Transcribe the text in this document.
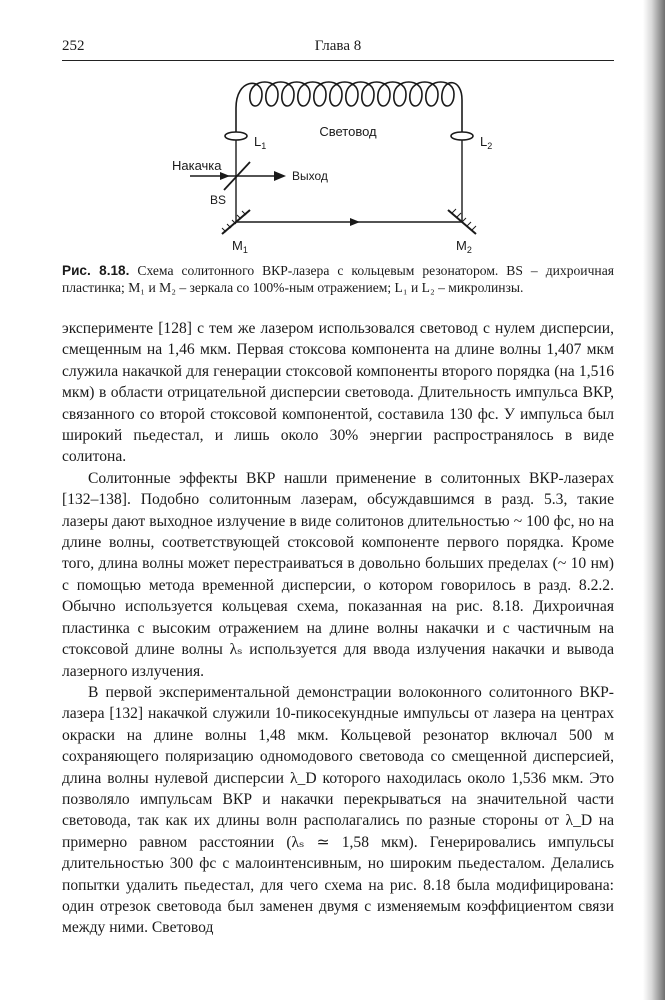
252	Глава 8
Световод
$L_1$	$L_2$
Накачка
Выход
BS
$M_1$	$M_2$
Рис. 8.18. Схема солитонного ВКР-лазера с кольцевым резонатором. BS – дихроичная пластинка; M₁ и M₂ – зеркала со 100%-ным отражением; L₁ и L₂ – микролинзы.

эксперименте [128] с тем же лазером использовался световод с нулем дисперсии, смещенным на 1,46 мкм. Первая стоксова компонента на длине волны 1,407 мкм служила накачкой для генерации стоксовой компоненты второго порядка (на 1,516 мкм) в области отрицательной дисперсии световода. Длительность импульса ВКР, связанного со второй стоксовой компонентой, составила 130 фс. У импульса был широкий пьедестал, и лишь около 30% энергии распространялось в виде солитона.

Солитонные эффекты ВКР нашли применение в солитонных ВКР-лазерах [132–138]. Подобно солитонным лазерам, обсуждавшимся в разд. 5.3, такие лазеры дают выходное излучение в виде солитонов длительностью ~ 100 фс, но на длине волны, соответствующей стоксовой компоненте первого порядка. Кроме того, длина волны может перестраиваться в довольно больших пределах (~ 10 нм) с помощью метода временной дисперсии, о котором говорилось в разд. 8.2.2. Обычно используется кольцевая схема, показанная на рис. 8.18. Дихроичная пластинка с высоким отражением на длине волны накачки и с частичным на стоксовой длине волны λₛ используется для ввода излучения накачки и вывода лазерного излучения.

В первой экспериментальной демонстрации волоконного солитонного ВКР-лазера [132] накачкой служили 10-пикосекундные импульсы от лазера на центрах окраски на длине волны 1,48 мкм. Кольцевой резонатор включал 500 м сохраняющего поляризацию одномодового световода со смещенной дисперсией, длина волны нулевой дисперсии λ_D которого находилась около 1,536 мкм. Это позволяло импульсам ВКР и накачки перекрываться на значительной части световода, так как их длины волн располагались по разные стороны от λ_D на примерно равном расстоянии (λₛ ≃ 1,58 мкм). Генерировались импульсы длительностью 300 фс с малоинтенсивным, но широким пьедесталом. Делались попытки удалить пьедестал, для чего схема на рис. 8.18 была модифицирована: один отрезок световода был заменен двумя с изменяемым коэффициентом связи между ними. Световод
